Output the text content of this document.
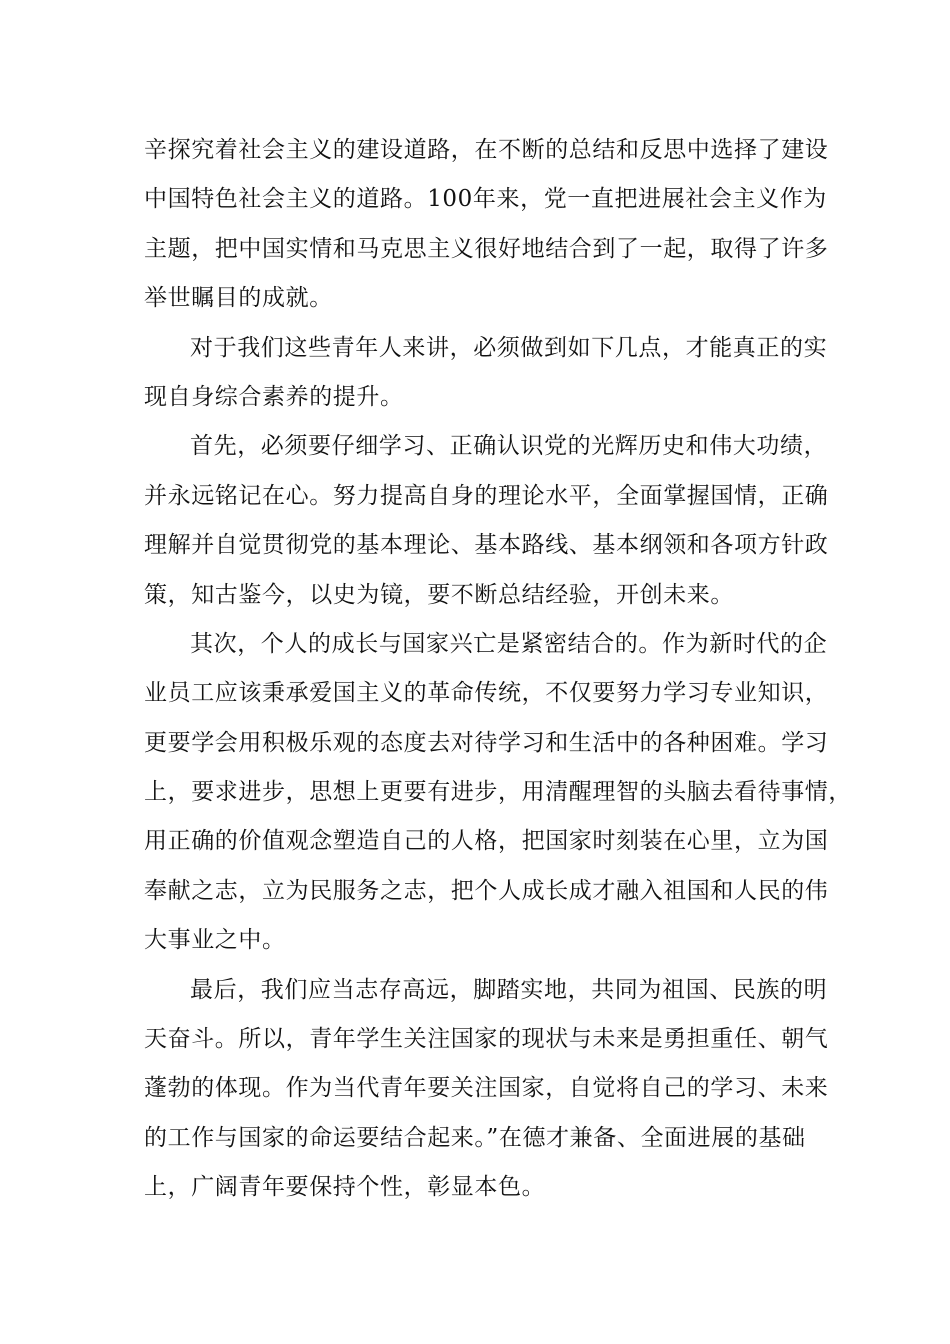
辛探究着社会主义的建设道路，在不断的总结和反思中选择了建设
中国特色社会主义的道路。100年来，党一直把进展社会主义作为
主题，把中国实情和马克思主义很好地结合到了一起，取得了许多
举世瞩目的成就。
对于我们这些青年人来讲，必须做到如下几点，才能真正的实
现自身综合素养的提升。
首先，必须要仔细学习、正确认识党的光辉历史和伟大功绩，
并永远铭记在心。努力提高自身的理论水平，全面掌握国情，正确
理解并自觉贯彻党的基本理论、基本路线、基本纲领和各项方针政
策，知古鉴今，以史为镜，要不断总结经验，开创未来。
其次，个人的成长与国家兴亡是紧密结合的。作为新时代的企
业员工应该秉承爱国主义的革命传统，不仅要努力学习专业知识，
更要学会用积极乐观的态度去对待学习和生活中的各种困难。学习
上，要求进步，思想上更要有进步，用清醒理智的头脑去看待事情，
用正确的价值观念塑造自己的人格，把国家时刻装在心里，立为国
奉献之志，立为民服务之志，把个人成长成才融入祖国和人民的伟
大事业之中。
最后，我们应当志存高远，脚踏实地，共同为祖国、民族的明
天奋斗。所以，青年学生关注国家的现状与未来是勇担重任、朝气
蓬勃的体现。作为当代青年要关注国家，自觉将自己的学习、未来
的工作与国家的命运要结合起来。”在德才兼备、全面进展的基础
上，广阔青年要保持个性，彰显本色。
